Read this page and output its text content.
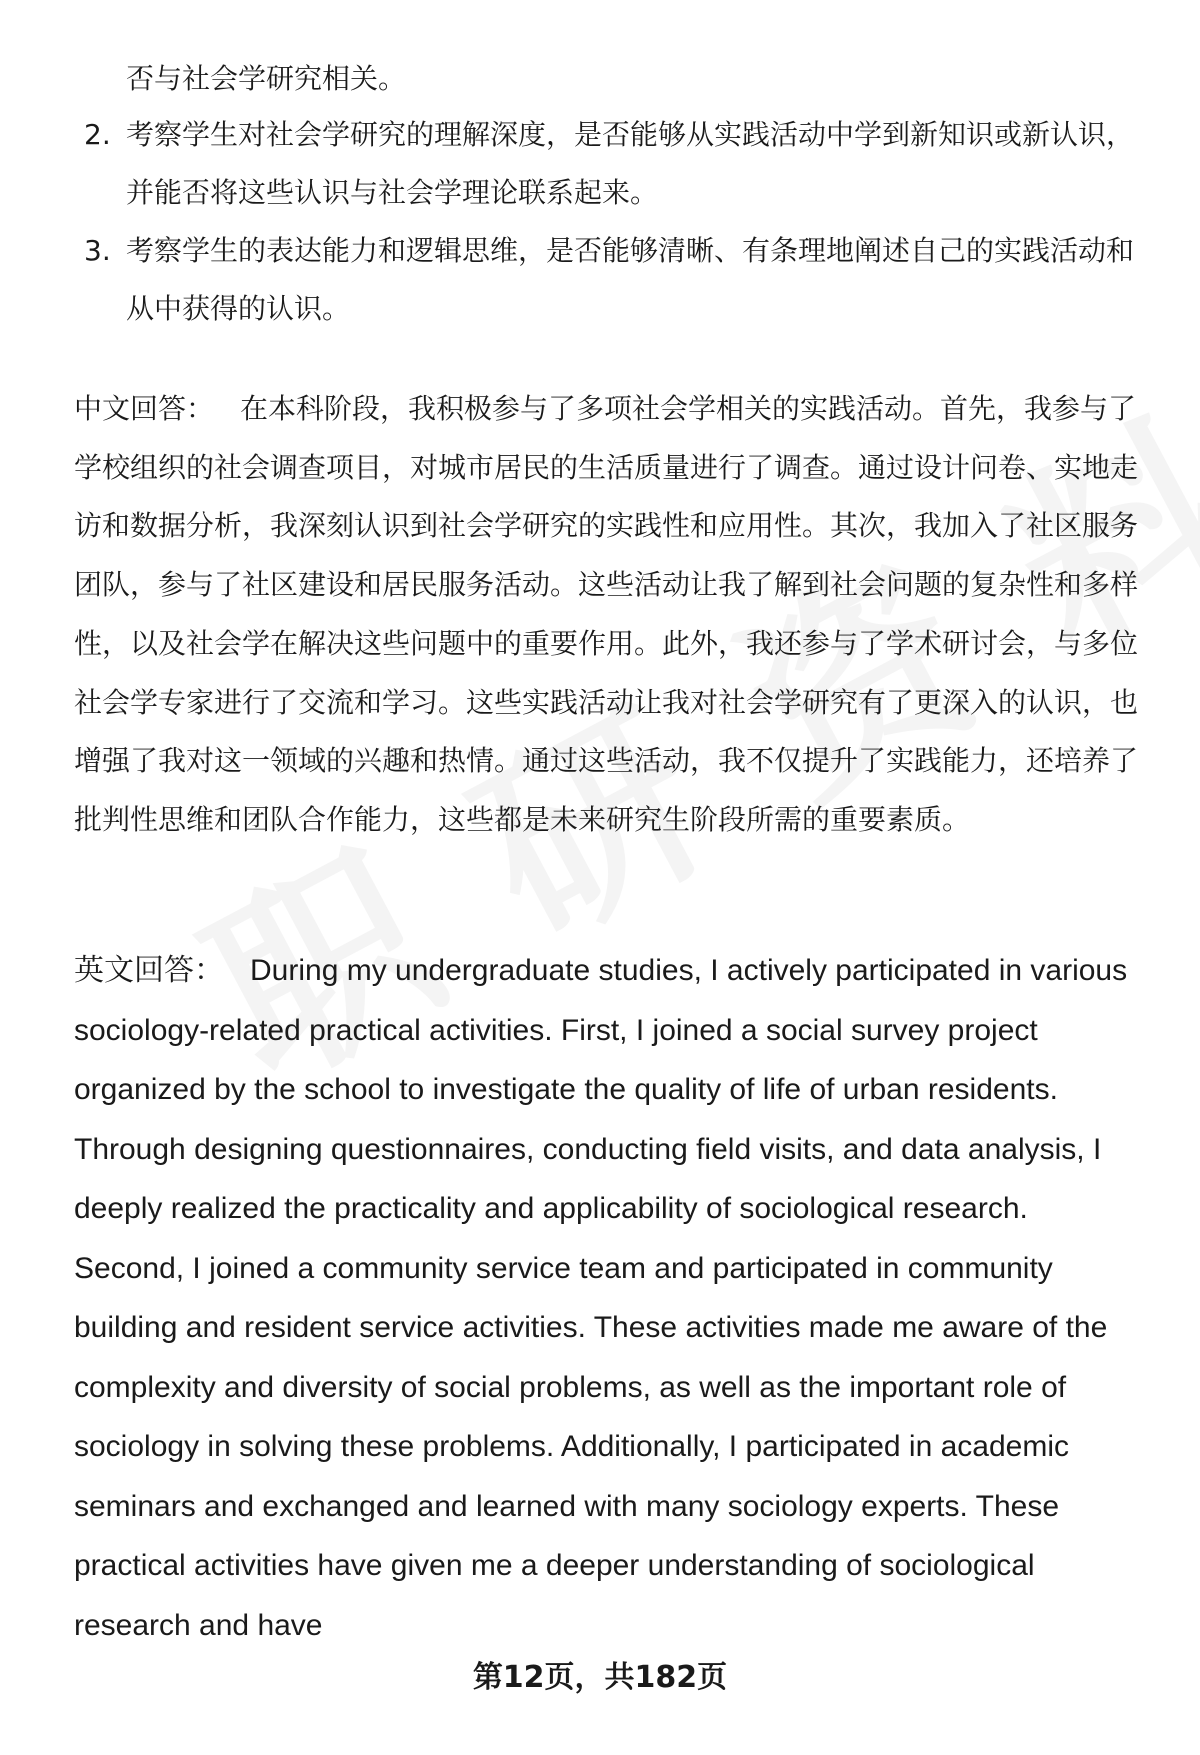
否与社会学研究相关。
2. 考察学生对社会学研究的理解深度，是否能够从实践活动中学到新知识或新认识，并能否将这些认识与社会学理论联系起来。
3. 考察学生的表达能力和逻辑思维，是否能够清晰、有条理地阐述自己的实践活动和从中获得的认识。

中文回答： 在本科阶段，我积极参与了多项社会学相关的实践活动。首先，我参与了学校组织的社会调查项目，对城市居民的生活质量进行了调查。通过设计问卷、实地走访和数据分析，我深刻认识到社会学研究的实践性和应用性。其次，我加入了社区服务团队，参与了社区建设和居民服务活动。这些活动让我了解到社会问题的复杂性和多样性，以及社会学在解决这些问题中的重要作用。此外，我还参与了学术研讨会，与多位社会学专家进行了交流和学习。这些实践活动让我对社会学研究有了更深入的认识，也增强了我对这一领域的兴趣和热情。通过这些活动，我不仅提升了实践能力，还培养了批判性思维和团队合作能力，这些都是未来研究生阶段所需的重要素质。

英文回答： During my undergraduate studies, I actively participated in various sociology-related practical activities. First, I joined a social survey project organized by the school to investigate the quality of life of urban residents. Through designing questionnaires, conducting field visits, and data analysis, I deeply realized the practicality and applicability of sociological research. Second, I joined a community service team and participated in community building and resident service activities. These activities made me aware of the complexity and diversity of social problems, as well as the important role of sociology in solving these problems. Additionally, I participated in academic seminars and exchanged and learned with many sociology experts. These practical activities have given me a deeper understanding of sociological research and have

第12页，共182页
